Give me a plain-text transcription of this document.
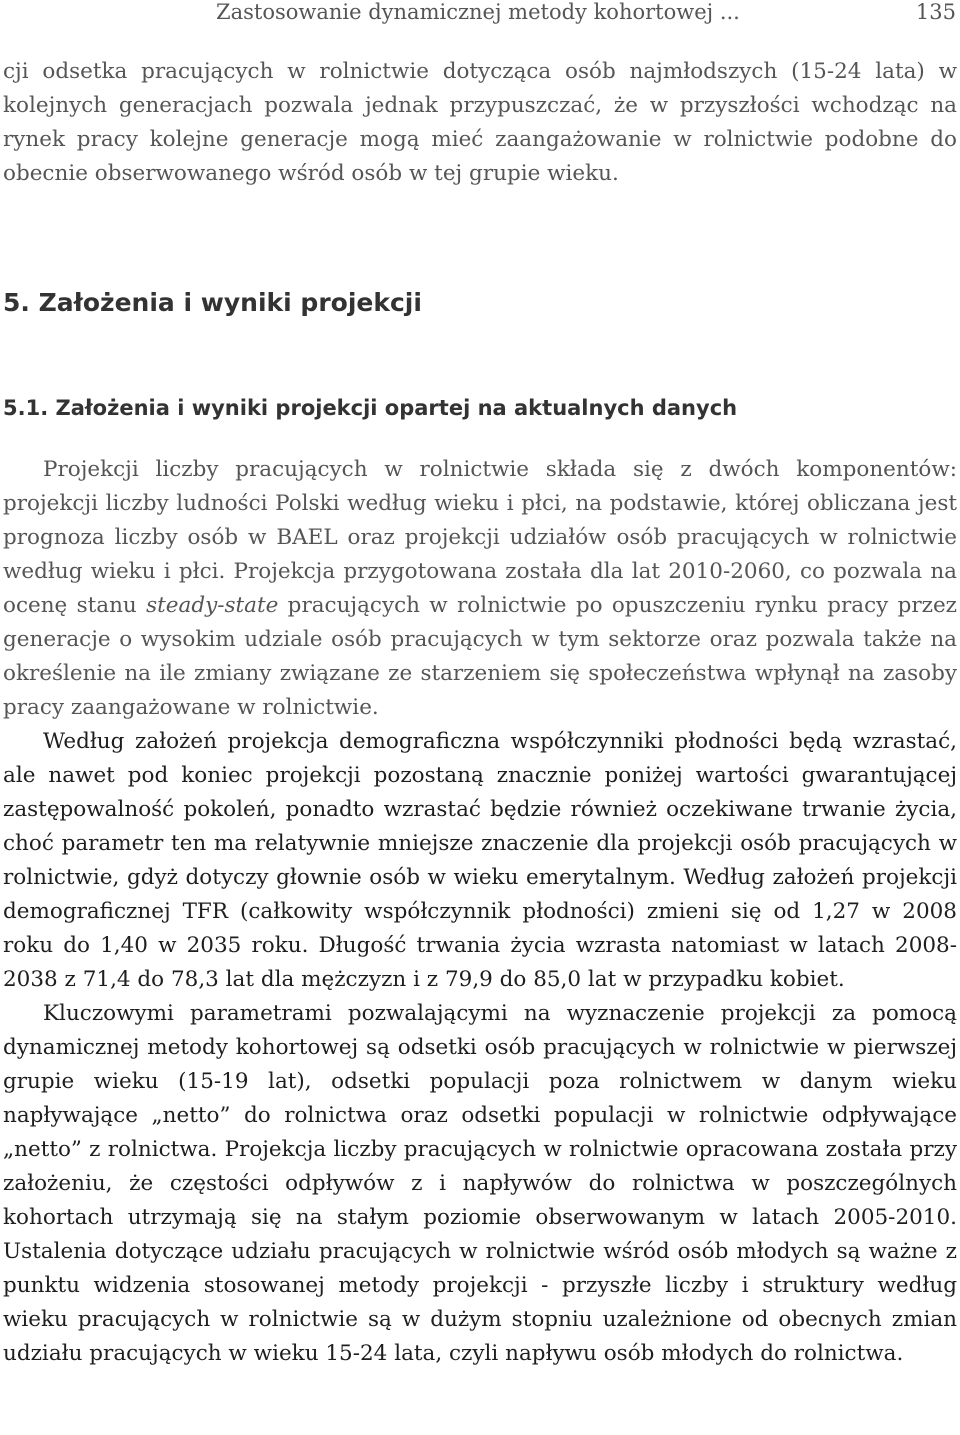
Zastosowanie dynamicznej metody kohortowej ...	135
cji odsetka pracujących w rolnictwie dotycząca osób najmłodszych (15-24 lata) w kolejnych generacjach pozwala jednak przypuszczać, że w przyszłości wchodząc na rynek pracy kolejne generacje mogą mieć zaangażowanie w rolnictwie podobne do obecnie obserwowanego wśród osób w tej grupie wieku.
5. Założenia i wyniki projekcji
5.1. Założenia i wyniki projekcji opartej na aktualnych danych

Projekcji liczby pracujących w rolnictwie składa się z dwóch komponentów: projekcji liczby ludności Polski według wieku i płci, na podstawie, której obliczana jest prognoza liczby osób w BAEL oraz projekcji udziałów osób pracujących w rolnictwie według wieku i płci. Projekcja przygotowana została dla lat 2010-2060, co pozwala na ocenę stanu steady-state pracujących w rolnictwie po opuszczeniu rynku pracy przez generacje o wysokim udziale osób pracujących w tym sektorze oraz pozwala także na określenie na ile zmiany związane ze starzeniem się społeczeństwa wpłynął na zasoby pracy zaangażowane w rolnictwie.

Według założeń projekcja demograficzna współczynniki płodności będą wzrastać, ale nawet pod koniec projekcji pozostaną znacznie poniżej wartości gwarantującej zastępowalność pokoleń, ponadto wzrastać będzie również oczekiwane trwanie życia, choć parametr ten ma relatywnie mniejsze znaczenie dla projekcji osób pracujących w rolnictwie, gdyż dotyczy głownie osób w wieku emerytalnym. Według założeń projekcji demograficznej TFR (całkowity współczynnik płodności) zmieni się od 1,27 w 2008 roku do 1,40 w 2035 roku. Długość trwania życia wzrasta natomiast w latach 2008-2038 z 71,4 do 78,3 lat dla mężczyzn i z 79,9 do 85,0 lat w przypadku kobiet.

Kluczowymi parametrami pozwalającymi na wyznaczenie projekcji za pomocą dynamicznej metody kohortowej są odsetki osób pracujących w rolnictwie w pierwszej grupie wieku (15-19 lat), odsetki populacji poza rolnictwem w danym wieku napływające „netto” do rolnictwa oraz odsetki populacji w rolnictwie odpływające „netto” z rolnictwa. Projekcja liczby pracujących w rolnictwie opracowana została przy założeniu, że częstości odpływów z i napływów do rolnictwa w poszczególnych kohortach utrzymają się na stałym poziomie obserwowanym w latach 2005-2010. Ustalenia dotyczące udziału pracujących w rolnictwie wśród osób młodych są ważne z punktu widzenia stosowanej metody projekcji - przyszłe liczby i struktury według wieku pracujących w rolnictwie są w dużym stopniu uzależnione od obecnych zmian udziału pracujących w wieku 15-24 lata, czyli napływu osób młodych do rolnictwa.
